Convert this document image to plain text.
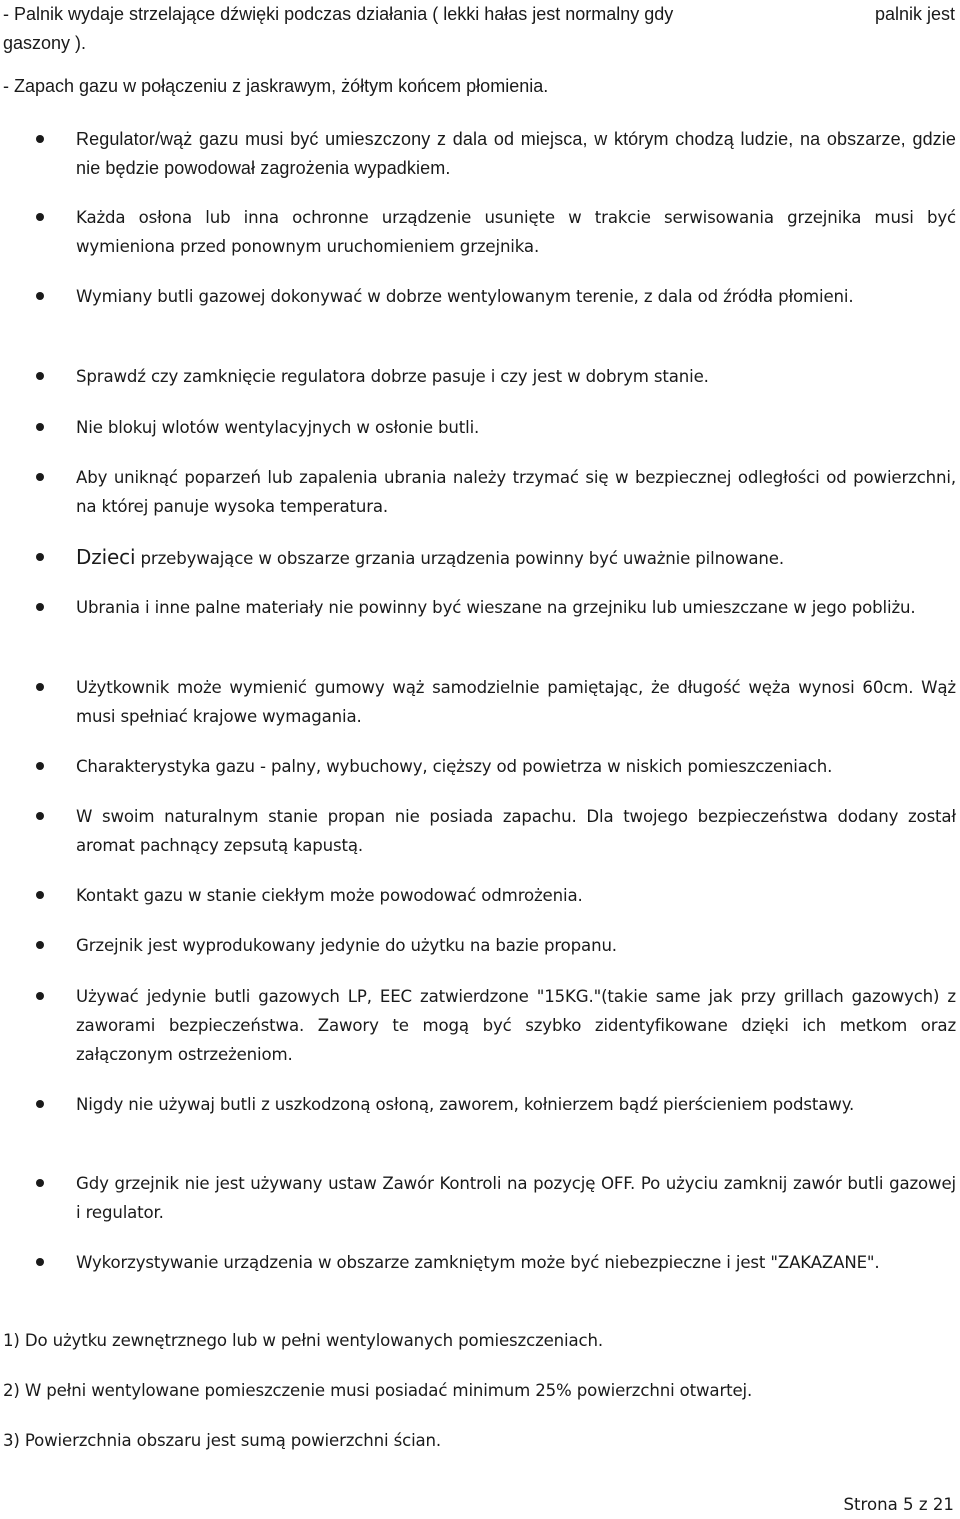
- Palnik wydaje strzelające dźwięki podczas działania ( lekki hałas jest normalny gdy	palnik jest

gaszony ).

- Zapach gazu w połączeniu z jaskrawym, żółtym końcem płomienia.

Regulator/wąż gazu musi być umieszczony z dala od miejsca, w którym chodzą ludzie, na obszarze, gdzie nie będzie powodował zagrożenia wypadkiem.

Każda osłona lub inna ochronne urządzenie usunięte w trakcie serwisowania grzejnika musi być wymieniona przed ponownym uruchomieniem grzejnika.

Wymiany butli gazowej dokonywać w dobrze wentylowanym terenie, z dala od źródła płomieni.

Sprawdź czy zamknięcie regulatora dobrze pasuje i czy jest w dobrym stanie.

Nie blokuj wlotów wentylacyjnych w osłonie butli.

Aby uniknąć poparzeń lub zapalenia ubrania należy trzymać się w bezpiecznej odległości od powierzchni, na której panuje wysoka temperatura.

Dzieci przebywające w obszarze grzania urządzenia powinny być uważnie pilnowane.

Ubrania i inne palne materiały nie powinny być wieszane na grzejniku lub umieszczane w jego pobliżu.

Użytkownik może wymienić gumowy wąż samodzielnie pamiętając, że długość węża wynosi 60cm. Wąż musi spełniać krajowe wymagania.

Charakterystyka gazu - palny, wybuchowy, cięższy od powietrza w niskich pomieszczeniach.

W swoim naturalnym stanie propan nie posiada zapachu. Dla twojego bezpieczeństwa dodany został aromat pachnący zepsutą kapustą.

Kontakt gazu w stanie ciekłym może powodować odmrożenia.

Grzejnik jest wyprodukowany jedynie do użytku na bazie propanu.

Używać jedynie butli gazowych LP, EEC zatwierdzone "15KG."(takie same jak przy grillach gazowych) z zaworami bezpieczeństwa. Zawory te mogą być szybko zidentyfikowane dzięki ich metkom oraz załączonym ostrzeżeniom.

Nigdy nie używaj butli z uszkodzoną osłoną, zaworem, kołnierzem bądź pierścieniem podstawy.

Gdy grzejnik nie jest używany ustaw Zawór Kontroli na pozycję OFF. Po użyciu zamknij zawór butli gazowej i regulator.

Wykorzystywanie urządzenia w obszarze zamkniętym może być niebezpieczne i jest "ZAKAZANE".

1) Do użytku zewnętrznego lub w pełni wentylowanych pomieszczeniach.

2) W pełni wentylowane pomieszczenie musi posiadać minimum 25% powierzchni otwartej.

3) Powierzchnia obszaru jest sumą powierzchni ścian.

Strona 5 z 21
